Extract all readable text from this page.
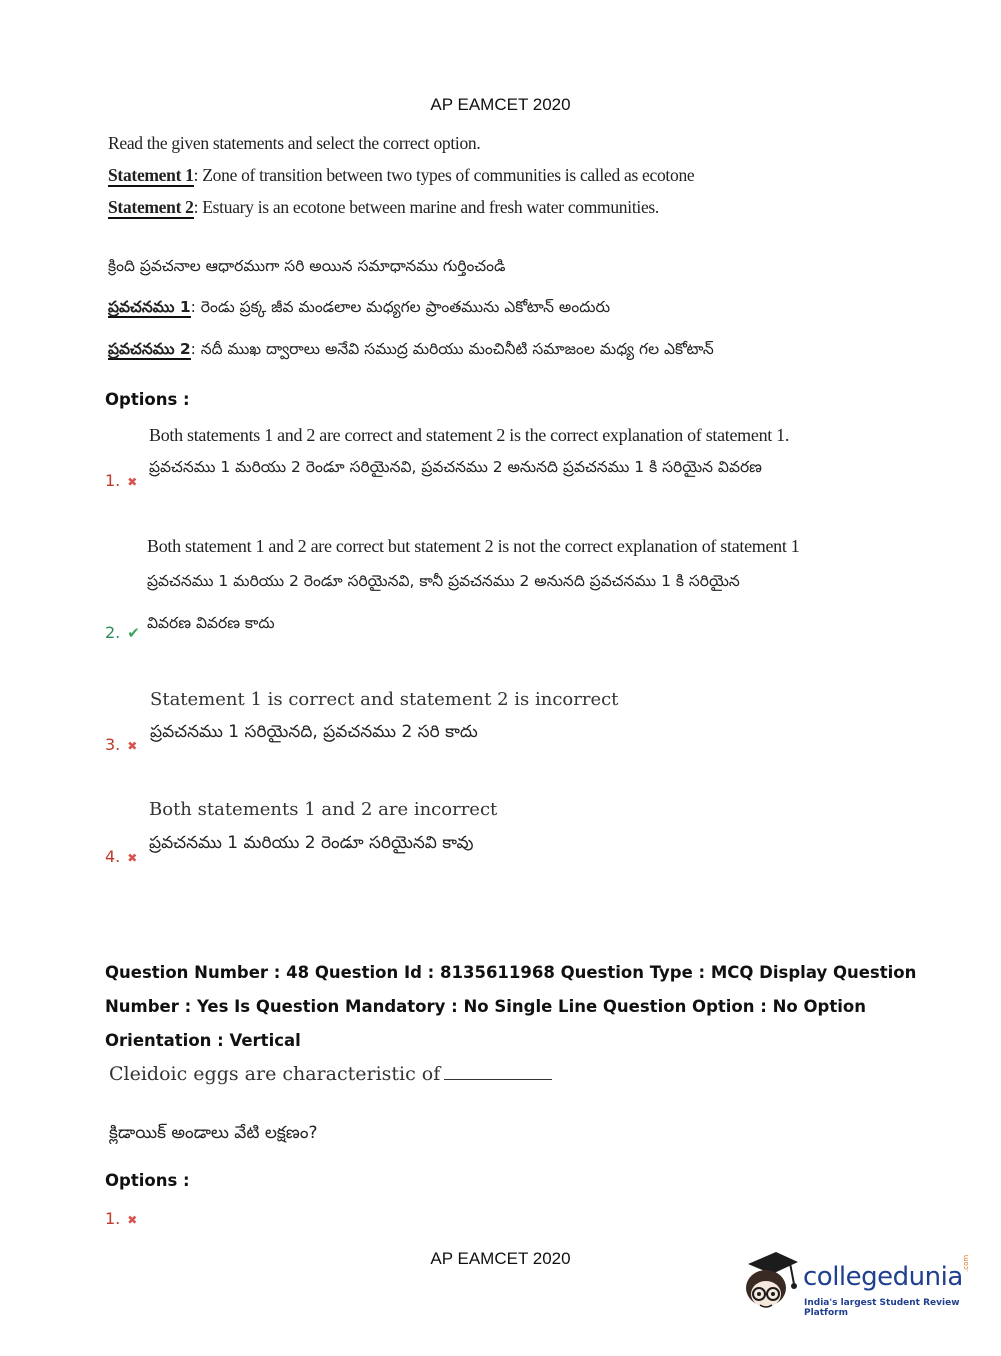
AP EAMCET 2020
Read the given statements and select the correct option.
Statement 1: Zone of transition between two types of communities is called as ecotone
Statement 2: Estuary is an ecotone between marine and fresh water communities.
క్రింది ప్రవచనాల ఆధారముగా సరి అయిన సమాధానము గుర్తించండి
ప్రవచనము 1: రెండు ప్రక్క జీవ మండలాల మధ్యగల ప్రాంతమును ఎకోటాన్ అందురు
ప్రవచనము 2: నదీ ముఖ ద్వారాలు అనేవి సముద్ర మరియు మంచినీటి సమాజంల మధ్య గల ఎకోటాన్
Options :
Both statements 1 and 2 are correct and statement 2 is the correct explanation of statement 1.
ప్రవచనము 1 మరియు 2 రెండూ సరియైనవి, ప్రవచనము 2 అనునది ప్రవచనము 1 కి సరియైన వివరణ
1. ✖
Both statement 1 and 2 are correct but statement 2 is not the correct explanation of statement 1
ప్రవచనము 1 మరియు 2 రెండూ సరియైనవి, కానీ ప్రవచనము 2 అనునది ప్రవచనము 1 కి సరియైన
వివరణ వివరణ కాదు
2. ✔
Statement 1 is correct and statement 2 is incorrect
ప్రవచనము 1 సరియైనది, ప్రవచనము 2 సరి కాదు
3. ✖
Both statements 1 and 2 are incorrect
ప్రవచనము 1 మరియు 2 రెండూ సరియైనవి కావు
4. ✖
Question Number : 48 Question Id : 8135611968 Question Type : MCQ Display Question
Number : Yes Is Question Mandatory : No Single Line Question Option : No Option
Orientation : Vertical
Cleidoic eggs are characteristic of
క్లిడాయిక్ అండాలు వేటి లక్షణం?
Options :
1. ✖
AP EAMCET 2020
collegedunia .com
India's largest Student Review Platform
